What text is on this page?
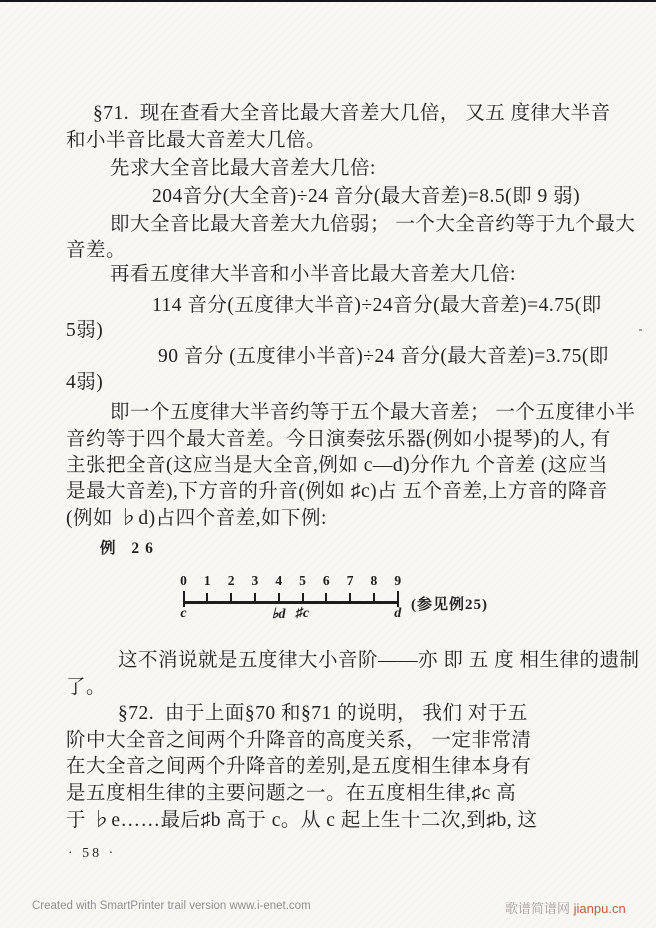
§71.  现在查看大全音比最大音差大几倍， 又五 度律大半音
和小半音比最大音差大几倍。
先求大全音比最大音差大几倍:
204音分(大全音)÷24 音分(最大音差)=8.5(即 9 弱)
即大全音比最大音差大九倍弱； 一个大全音约等于九个最大
音差。
再看五度律大半音和小半音比最大音差大几倍:
114 音分(五度律大半音)÷24音分(最大音差)=4.75(即
5弱)
90 音分 (五度律小半音)÷24 音分(最大音差)=3.75(即
4弱)
即一个五度律大半音约等于五个最大音差； 一个五度律小半
音约等于四个最大音差。今日演奏弦乐器(例如小提琴)的人, 有
主张把全音(这应当是大全音,例如 c—d)分作九 个音差 (这应当
是最大音差),下方音的升音(例如 ♯c)占 五个音差,上方音的降音
(例如 ♭d)占四个音差,如下例:
这不消说就是五度律大小音阶——亦 即 五 度 相生律的遗制
了。
§72.  由于上面§70 和§71 的说明， 我们 对于五
阶中大全音之间两个升降音的高度关系， 一定非常清
在大全音之间两个升降音的差别,是五度相生律本身有
是五度相生律的主要问题之一。在五度相生律,♯c 高
于 ♭e……最后♯b 高于 c。从 c 起上生十二次,到♯b, 这
· 58 ·
例 26
0 1 2 3 4 5 6 7 8 9
c	♭d ♯c	d
(参见例25)
Created with SmartPrinter trail version www.i-enet.com	歌谱简谱网 jianpu.cn
